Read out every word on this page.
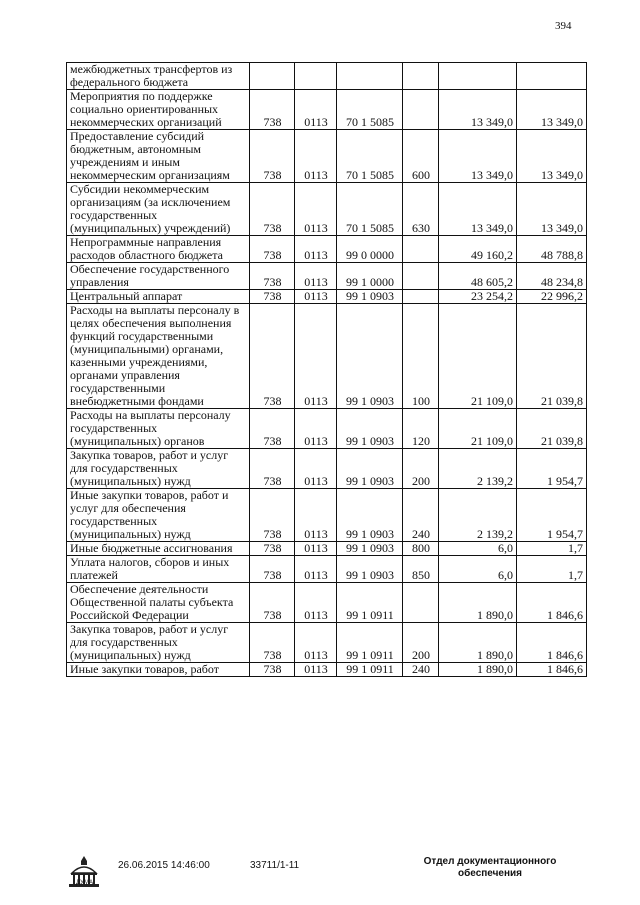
394
межбюджетных трансфертов из федерального бюджета						
Мероприятия по поддержке социально ориентированных некоммерческих организаций	738	0113	70 1 5085		13 349,0	13 349,0
Предоставление субсидий бюджетным, автономным учреждениям и иным некоммерческим организациям	738	0113	70 1 5085	600	13 349,0	13 349,0
Субсидии некоммерческим организациям (за исключением государственных (муниципальных) учреждений)	738	0113	70 1 5085	630	13 349,0	13 349,0
Непрограммные направления расходов областного бюджета	738	0113	99 0 0000		49 160,2	48 788,8
Обеспечение государственного управления	738	0113	99 1 0000		48 605,2	48 234,8
Центральный аппарат	738	0113	99 1 0903		23 254,2	22 996,2
Расходы на выплаты персоналу в целях обеспечения выполнения функций государственными (муниципальными) органами, казенными учреждениями, органами управления государственными внебюджетными фондами	738	0113	99 1 0903	100	21 109,0	21 039,8
Расходы на выплаты персоналу государственных (муниципальных) органов	738	0113	99 1 0903	120	21 109,0	21 039,8
Закупка товаров, работ и услуг для государственных (муниципальных) нужд	738	0113	99 1 0903	200	2 139,2	1 954,7
Иные закупки товаров, работ и услуг для обеспечения государственных (муниципальных) нужд	738	0113	99 1 0903	240	2 139,2	1 954,7
Иные бюджетные ассигнования	738	0113	99 1 0903	800	6,0	1,7
Уплата налогов, сборов и иных платежей	738	0113	99 1 0903	850	6,0	1,7
Обеспечение деятельности Общественной палаты субъекта Российской Федерации	738	0113	99 1 0911		1 890,0	1 846,6
Закупка товаров, работ и услуг для государственных (муниципальных) нужд	738	0113	99 1 0911	200	1 890,0	1 846,6
Иные закупки товаров, работ	738	0113	99 1 0911	240	1 890,0	1 846,6
ДУМА
26.06.2015 14:46:00	33711/1-11	Отдел документационного обеспечения
